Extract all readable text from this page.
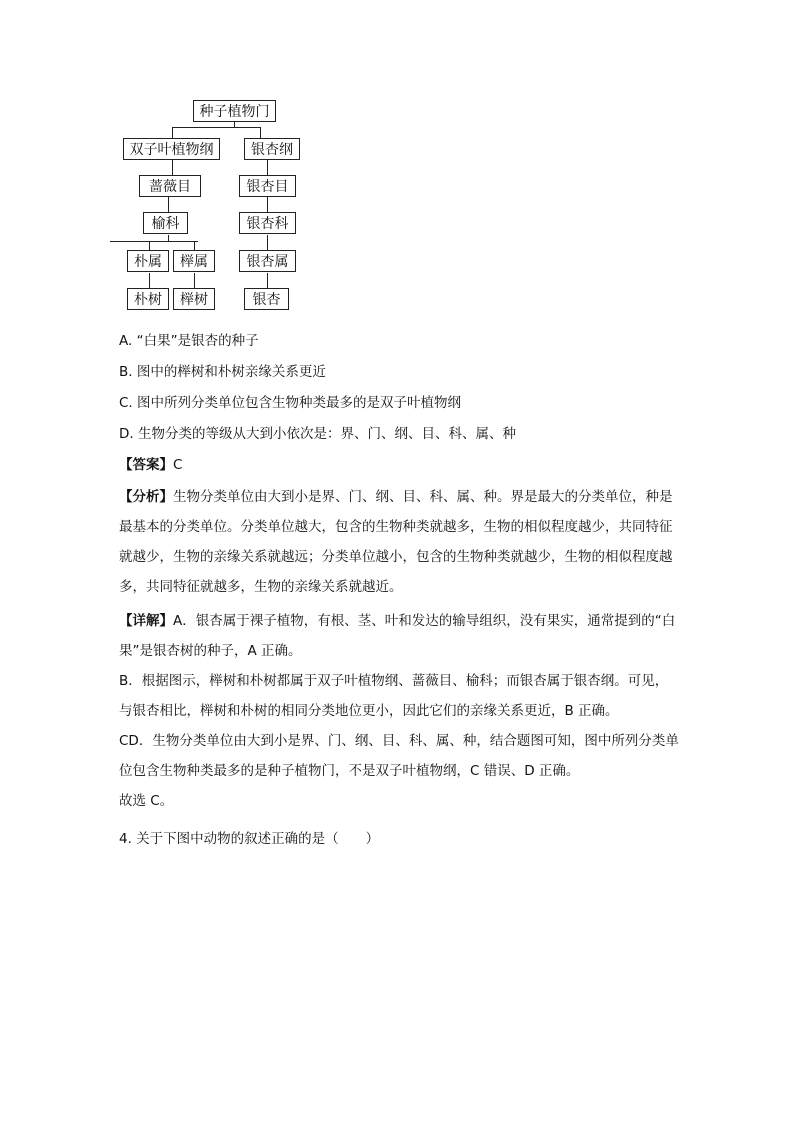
种子植物门
双子叶植物纲	银杏纲
蔷薇目	银杏目
榆科	银杏科
朴属	榉属	银杏属
朴树	榉树	银杏
A. “白果”是银杏的种子
B. 图中的榉树和朴树亲缘关系更近
C. 图中所列分类单位包含生物种类最多的是双子叶植物纲
D. 生物分类的等级从大到小依次是：界、门、纲、目、科、属、种
【答案】C

【分析】生物分类单位由大到小是界、门、纲、目、科、属、种。界是最大的分类单位，种是最基本的分类单位。分类单位越大，包含的生物种类就越多，生物的相似程度越少，共同特征就越少，生物的亲缘关系就越远；分类单位越小，包含的生物种类就越少，生物的相似程度越多，共同特征就越多，生物的亲缘关系就越近。

【详解】A．银杏属于裸子植物，有根、茎、叶和发达的输导组织，没有果实，通常提到的“白果”是银杏树的种子，A 正确。

B．根据图示，榉树和朴树都属于双子叶植物纲、蔷薇目、榆科；而银杏属于银杏纲。可见，与银杏相比，榉树和朴树的相同分类地位更小，因此它们的亲缘关系更近，B 正确。

CD．生物分类单位由大到小是界、门、纲、目、科、属、种，结合题图可知，图中所列分类单位包含生物种类最多的是种子植物门，不是双子叶植物纲，C 错误、D 正确。

故选 C。

4. 关于下图中动物的叙述正确的是（　　）
